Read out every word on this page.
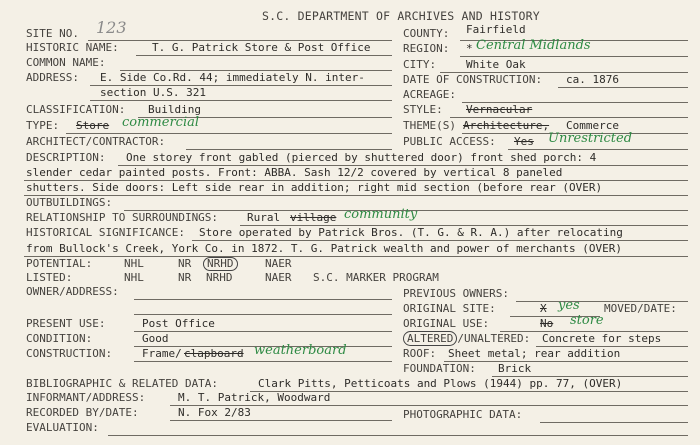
S.C. DEPARTMENT OF ARCHIVES AND HISTORY
SITE NO. 123
HISTORIC NAME:	T. G. Patrick Store & Post Office
COMMON NAME:
ADDRESS: E. Side Co.Rd. 44; immediately N. inter-
section U.S. 321
CLASSIFICATION: Building
TYPE: Store commercial
ARCHITECT/CONTRACTOR:
COUNTY: Fairfield
REGION: * Central Midlands
CITY:	White Oak
DATE OF CONSTRUCTION: ca. 1876
ACREAGE:
STYLE: Vernacular
THEME(S) Architecture, Commerce
PUBLIC ACCESS: Yes Unrestricted
DESCRIPTION: One storey front gabled (pierced by shuttered door) front shed porch: 4
slender cedar painted posts. Front: ABBA. Sash 12/2 covered by vertical 8 paneled
shutters. Side doors: Left side rear in addition; right mid section (before rear (OVER)
OUTBUILDINGS:
RELATIONSHIP TO SURROUNDINGS:	Rural village community
HISTORICAL SIGNIFICANCE: Store operated by Patrick Bros. (T. G. & R. A.) after relocating
from Bullock's Creek, York Co. in 1872. T. G. Patrick wealth and power of merchants (OVER)
POTENTIAL:	NHL	NR	NRHD	NAER
LISTED:	NHL	NR NRHD	NAER S.C. MARKER PROGRAM
OWNER/ADDRESS:	PREVIOUS OWNERS:
ORIGINAL SITE:	X yes MOVED/DATE:
ORIGINAL USE:	No store
PRESENT USE:	Post Office
CONDITION:	Good
CONSTRUCTION:	Frame/ clapboard weatherboard
ALTERED /UNALTERED: Concrete for steps
ROOF: Sheet metal; rear addition
FOUNDATION: Brick
BIBLIOGRAPHIC & RELATED DATA:	Clark Pitts, Petticoats and Plows (1944) pp. 77, (OVER)
INFORMANT/ADDRESS:	M. T. Patrick, Woodward
RECORDED BY/DATE:	N. Fox 2/83	PHOTOGRAPHIC DATA:
EVALUATION:
